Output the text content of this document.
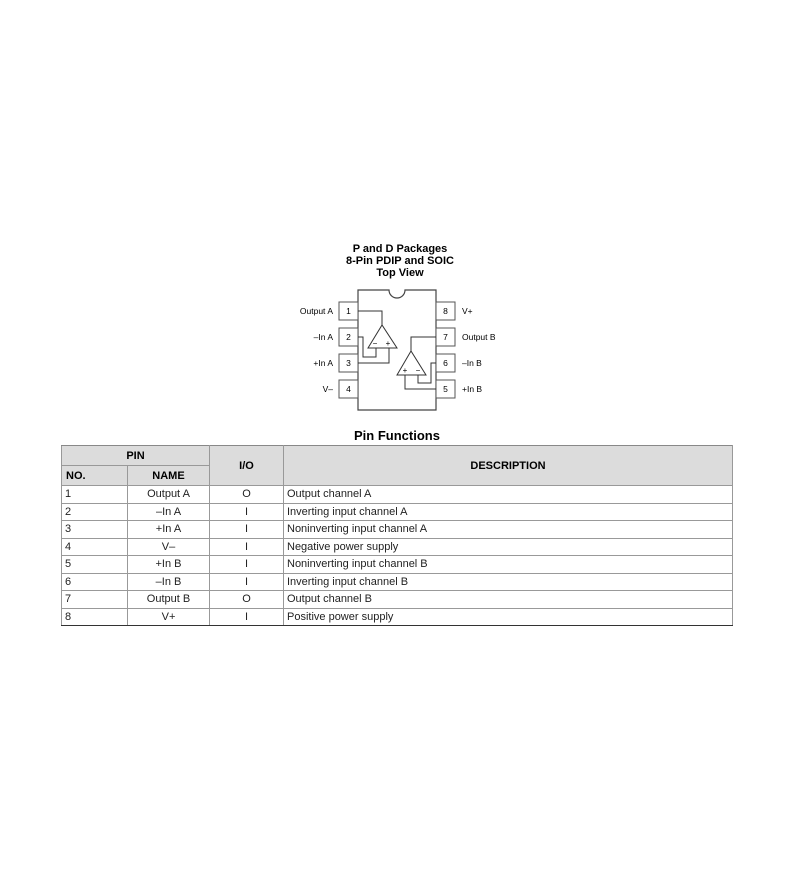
P and D Packages
8-Pin PDIP and SOIC
Top View
1
Output A
2
–In A
3
+In A
4
V–
8 V+
7 Output B
6 –In B
5 +In B
− +
+ −
Pin Functions
PIN		I/O	DESCRIPTION
NO.	NAME		
1	Output A	O	Output channel A
2	–In A	I	Inverting input channel A
3	+In A	I	Noninverting input channel A
4	V–	I	Negative power supply
5	+In B	I	Noninverting input channel B
6	–In B	I	Inverting input channel B
7	Output B	O	Output channel B
8	V+	I	Positive power supply
